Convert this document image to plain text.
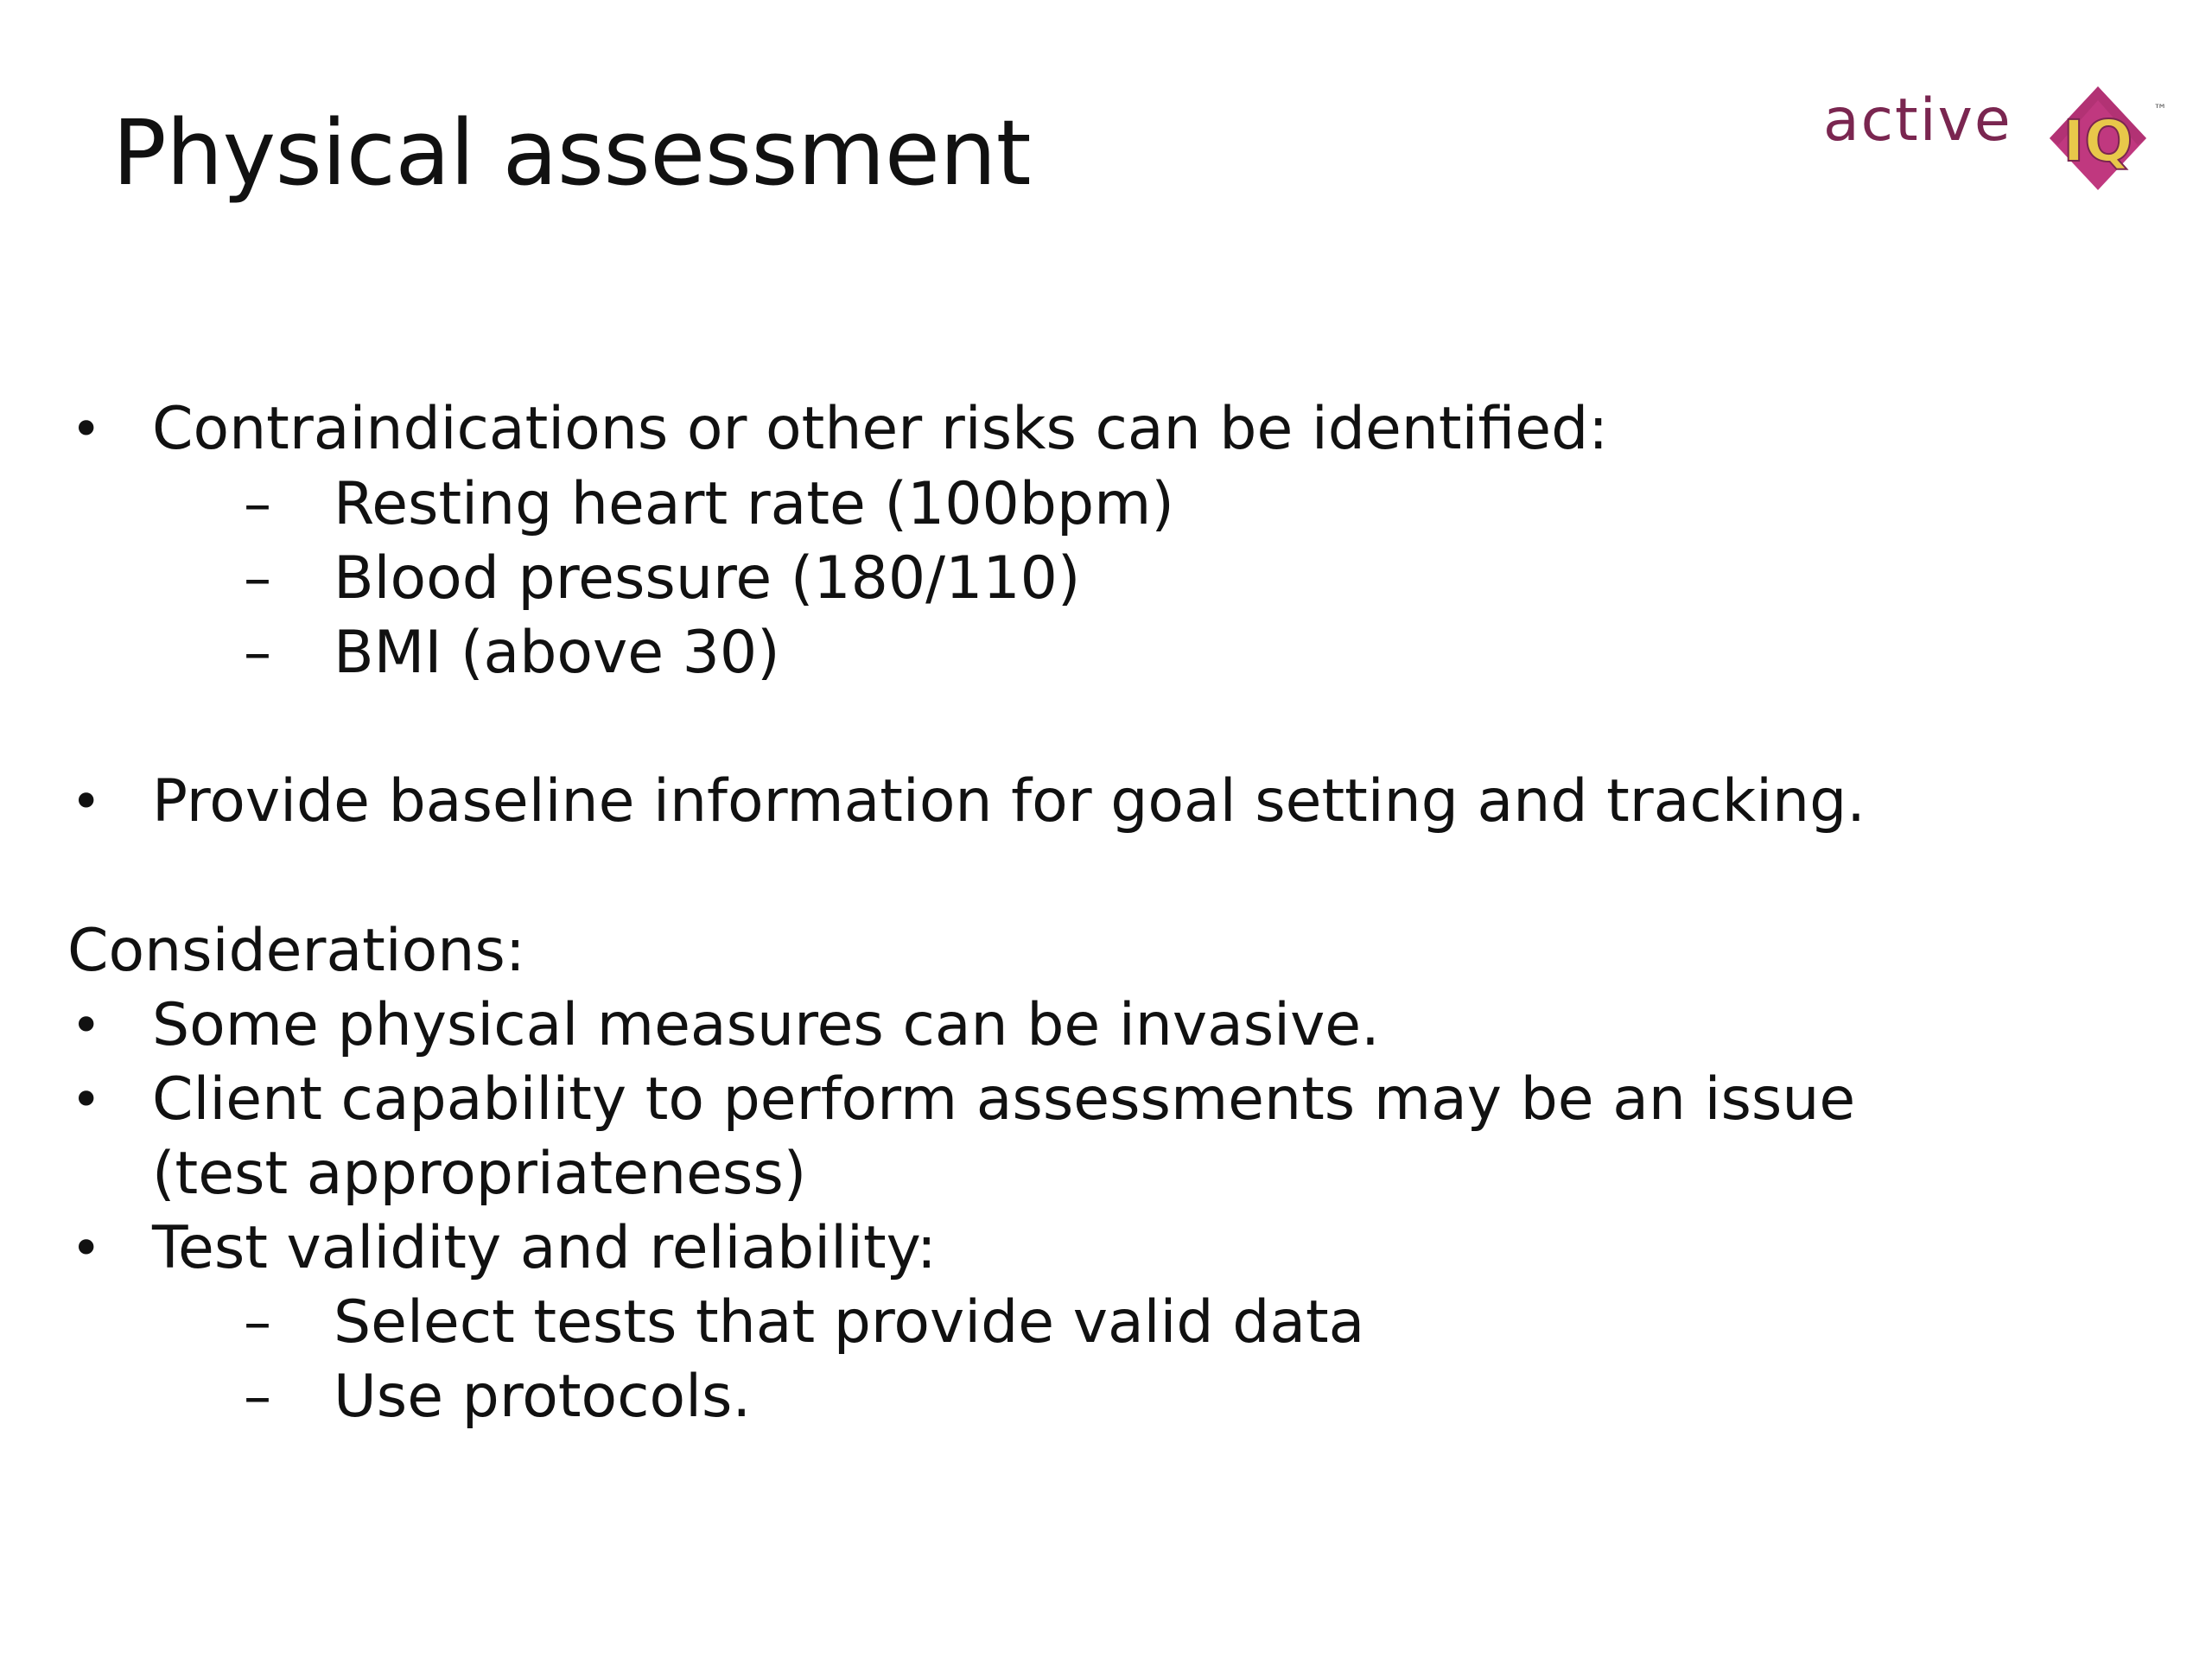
Physical assessment	active IQ ™
• Contraindications or other risks can be identified:

– Resting heart rate (100bpm)

– Blood pressure (180/110)

– BMI (above 30)

• Provide baseline information for goal setting and tracking.

Considerations:

• Some physical measures can be invasive.

• Client capability to perform assessments may be an issue

(test appropriateness)

• Test validity and reliability:

– Select tests that provide valid data

– Use protocols.
